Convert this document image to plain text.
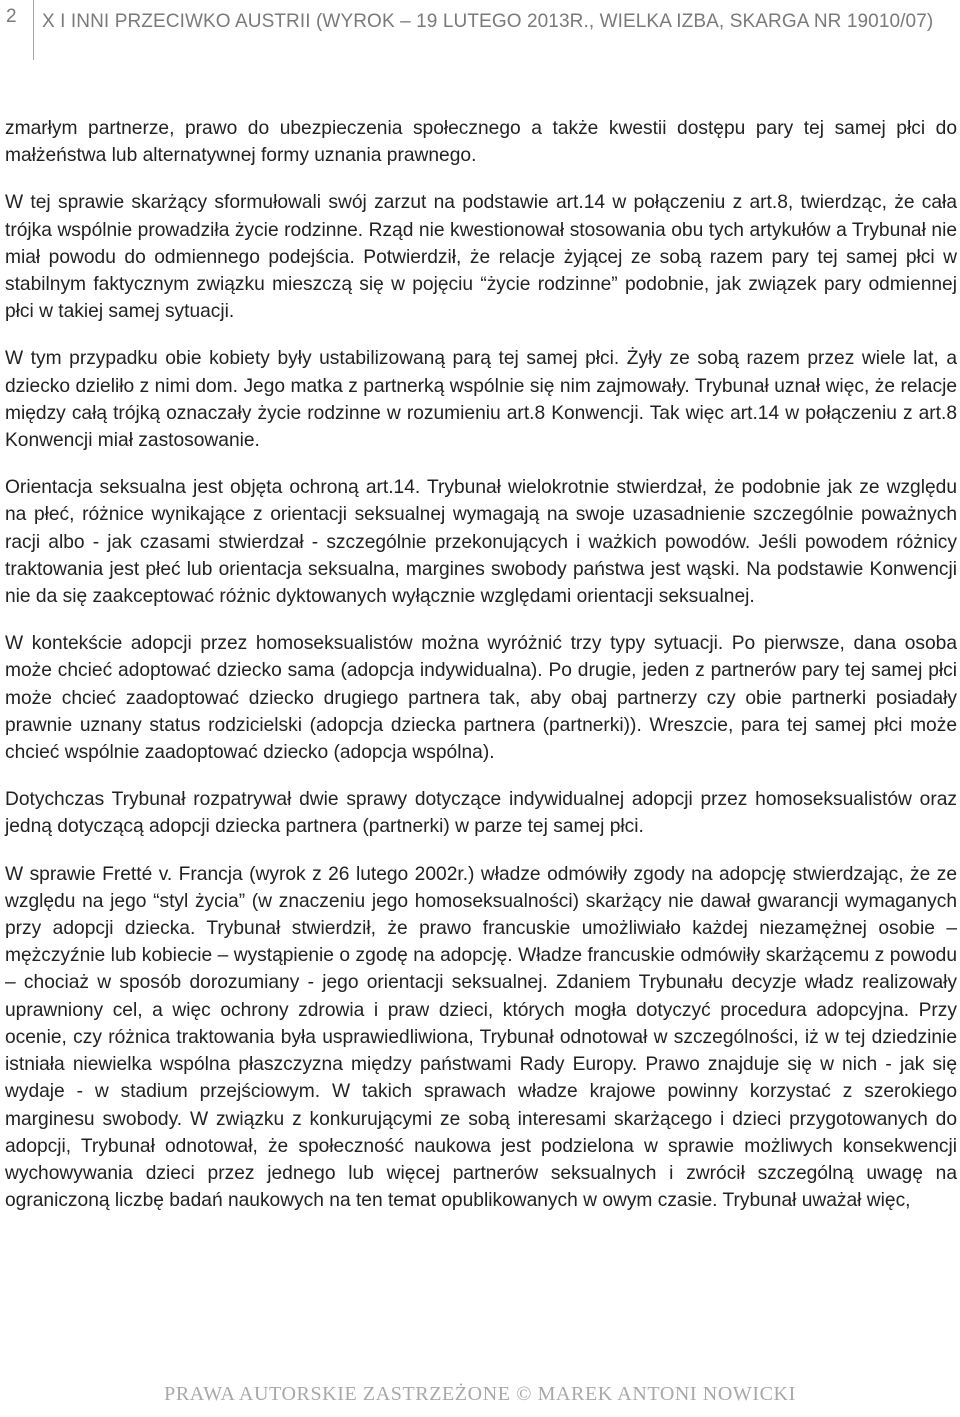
2 X I INNI PRZECIWKO AUSTRII (WYROK – 19 LUTEGO 2013R., WIELKA IZBA, SKARGA NR 19010/07)

zmarłym partnerze, prawo do ubezpieczenia społecznego a także kwestii dostępu pary tej samej płci do małżeństwa lub alternatywnej formy uznania prawnego.

W tej sprawie skarżący sformułowali swój zarzut na podstawie art.14 w połączeniu z art.8, twierdząc, że cała trójka wspólnie prowadziła życie rodzinne. Rząd nie kwestionował stosowania obu tych artykułów a Trybunał nie miał powodu do odmiennego podejścia. Potwierdził, że relacje żyjącej ze sobą razem pary tej samej płci w stabilnym faktycznym związku mieszczą się w pojęciu “życie rodzinne” podobnie, jak związek pary odmiennej płci w takiej samej sytuacji.

W tym przypadku obie kobiety były ustabilizowaną parą tej samej płci. Żyły ze sobą razem przez wiele lat, a dziecko dzieliło z nimi dom. Jego matka z partnerką wspólnie się nim zajmowały. Trybunał uznał więc, że relacje między całą trójką oznaczały życie rodzinne w rozumieniu art.8 Konwencji. Tak więc art.14 w połączeniu z art.8 Konwencji miał zastosowanie.

Orientacja seksualna jest objęta ochroną art.14. Trybunał wielokrotnie stwierdzał, że podobnie jak ze względu na płeć, różnice wynikające z orientacji seksualnej wymagają na swoje uzasadnienie szczególnie poważnych racji albo - jak czasami stwierdzał - szczególnie przekonujących i ważkich powodów. Jeśli powodem różnicy traktowania jest płeć lub orientacja seksualna, margines swobody państwa jest wąski. Na podstawie Konwencji nie da się zaakceptować różnic dyktowanych wyłącznie względami orientacji seksualnej.

W kontekście adopcji przez homoseksualistów można wyróżnić trzy typy sytuacji. Po pierwsze, dana osoba może chcieć adoptować dziecko sama (adopcja indywidualna). Po drugie, jeden z partnerów pary tej samej płci może chcieć zaadoptować dziecko drugiego partnera tak, aby obaj partnerzy czy obie partnerki posiadały prawnie uznany status rodzicielski (adopcja dziecka partnera (partnerki)). Wreszcie, para tej samej płci może chcieć wspólnie zaadoptować dziecko (adopcja wspólna).

Dotychczas Trybunał rozpatrywał dwie sprawy dotyczące indywidualnej adopcji przez homoseksualistów oraz jedną dotyczącą adopcji dziecka partnera (partnerki) w parze tej samej płci.

W sprawie Fretté v. Francja (wyrok z 26 lutego 2002r.) władze odmówiły zgody na adopcję stwierdzając, że ze względu na jego “styl życia” (w znaczeniu jego homoseksualności) skarżący nie dawał gwarancji wymaganych przy adopcji dziecka. Trybunał stwierdził, że prawo francuskie umożliwiało każdej niezamężnej osobie – mężczyźnie lub kobiecie – wystąpienie o zgodę na adopcję. Władze francuskie odmówiły skarżącemu z powodu – chociaż w sposób dorozumiany - jego orientacji seksualnej. Zdaniem Trybunału decyzje władz realizowały uprawniony cel, a więc ochrony zdrowia i praw dzieci, których mogła dotyczyć procedura adopcyjna. Przy ocenie, czy różnica traktowania była usprawiedliwiona, Trybunał odnotował w szczególności, iż w tej dziedzinie istniała niewielka wspólna płaszczyzna między państwami Rady Europy. Prawo znajduje się w nich - jak się wydaje - w stadium przejściowym. W takich sprawach władze krajowe powinny korzystać z szerokiego marginesu swobody. W związku z konkurującymi ze sobą interesami skarżącego i dzieci przygotowanych do adopcji, Trybunał odnotował, że społeczność naukowa jest podzielona w sprawie możliwych konsekwencji wychowywania dzieci przez jednego lub więcej partnerów seksualnych i zwrócił szczególną uwagę na ograniczoną liczbę badań naukowych na ten temat opublikowanych w owym czasie. Trybunał uważał więc,

PRAWA AUTORSKIE ZASTRZEŻONE © MAREK ANTONI NOWICKI
